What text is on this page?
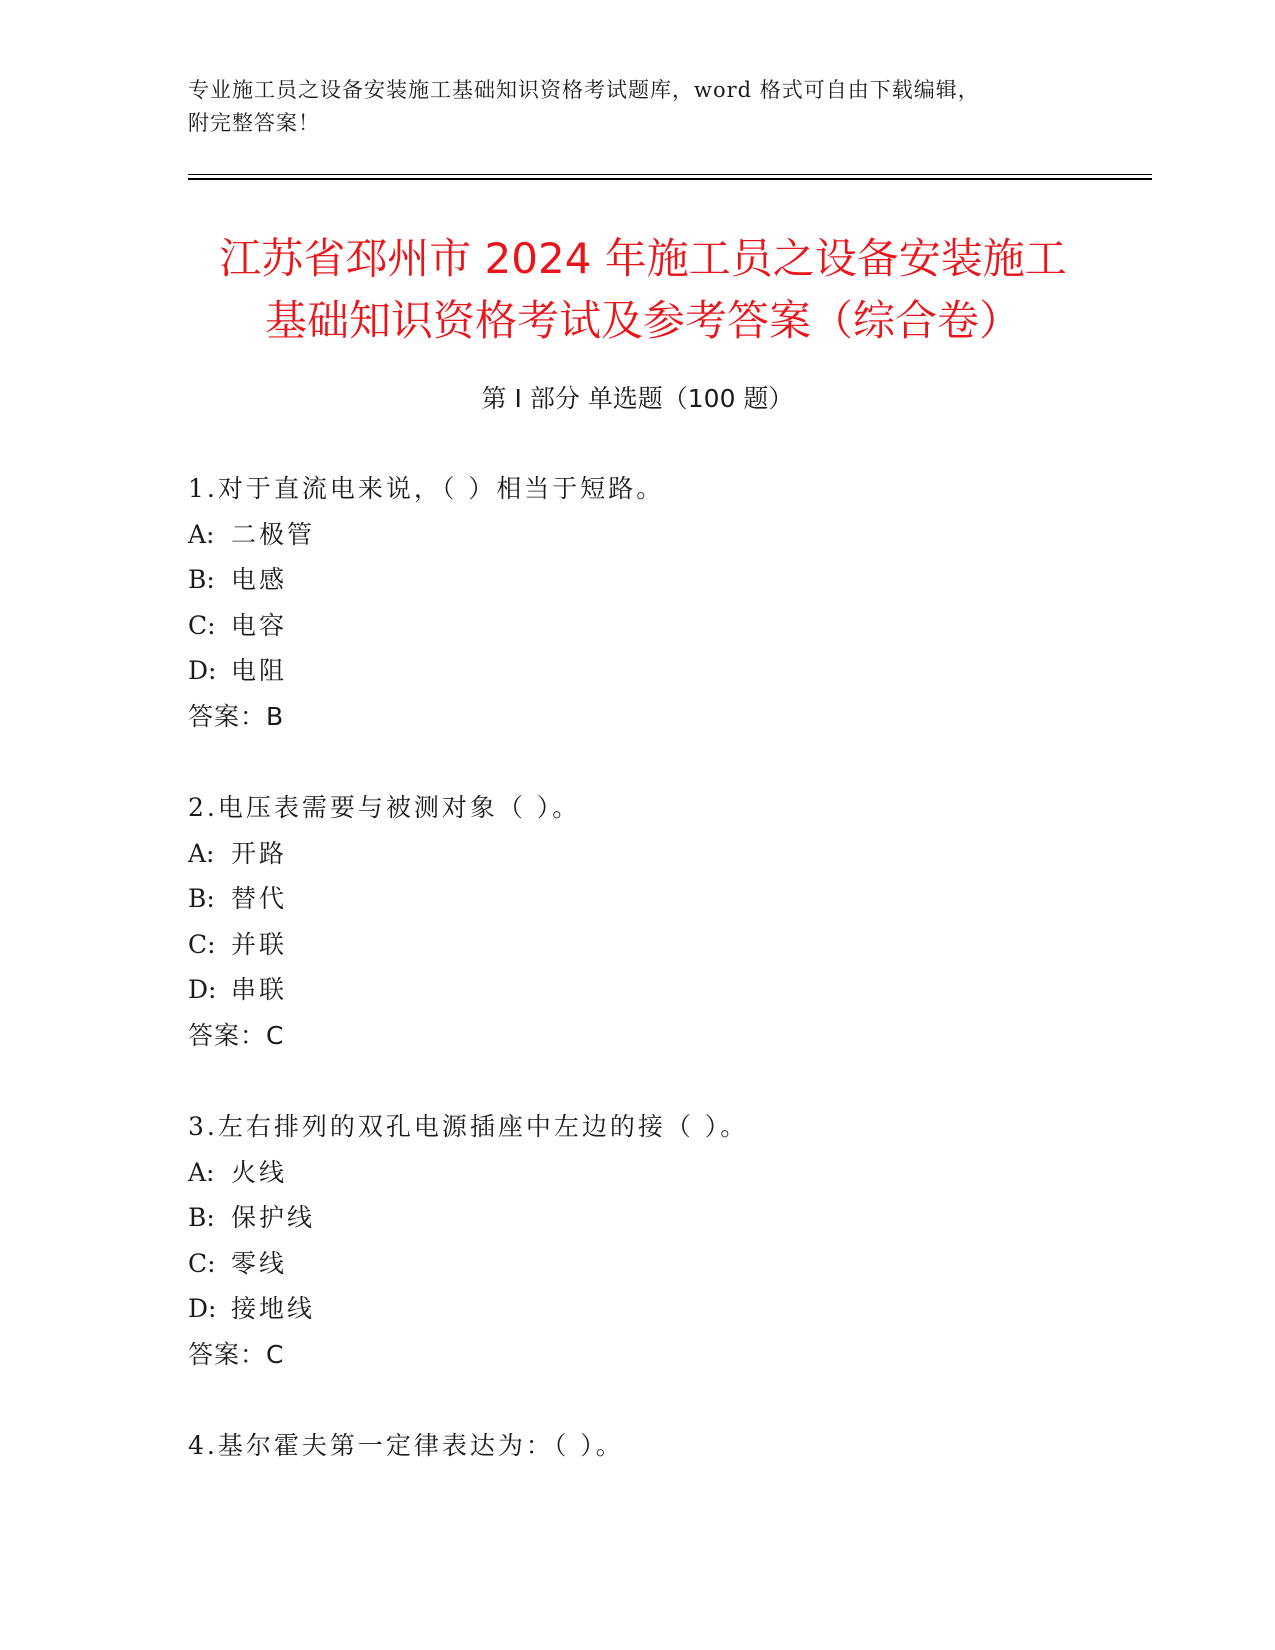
专业施工员之设备安装施工基础知识资格考试题库，word 格式可自由下载编辑，
附完整答案！
江苏省邳州市 2024 年施工员之设备安装施工
基础知识资格考试及参考答案（综合卷）
第 I 部分 单选题（100 题）
1.对于直流电来说，（ ）相当于短路。
A: 二极管
B: 电感
C: 电容
D: 电阻
答案：B
2.电压表需要与被测对象（ ）。
A: 开路
B: 替代
C: 并联
D: 串联
答案：C
3.左右排列的双孔电源插座中左边的接（ ）。
A: 火线
B: 保护线
C: 零线
D: 接地线
答案：C
4.基尔霍夫第一定律表达为：（ ）。
